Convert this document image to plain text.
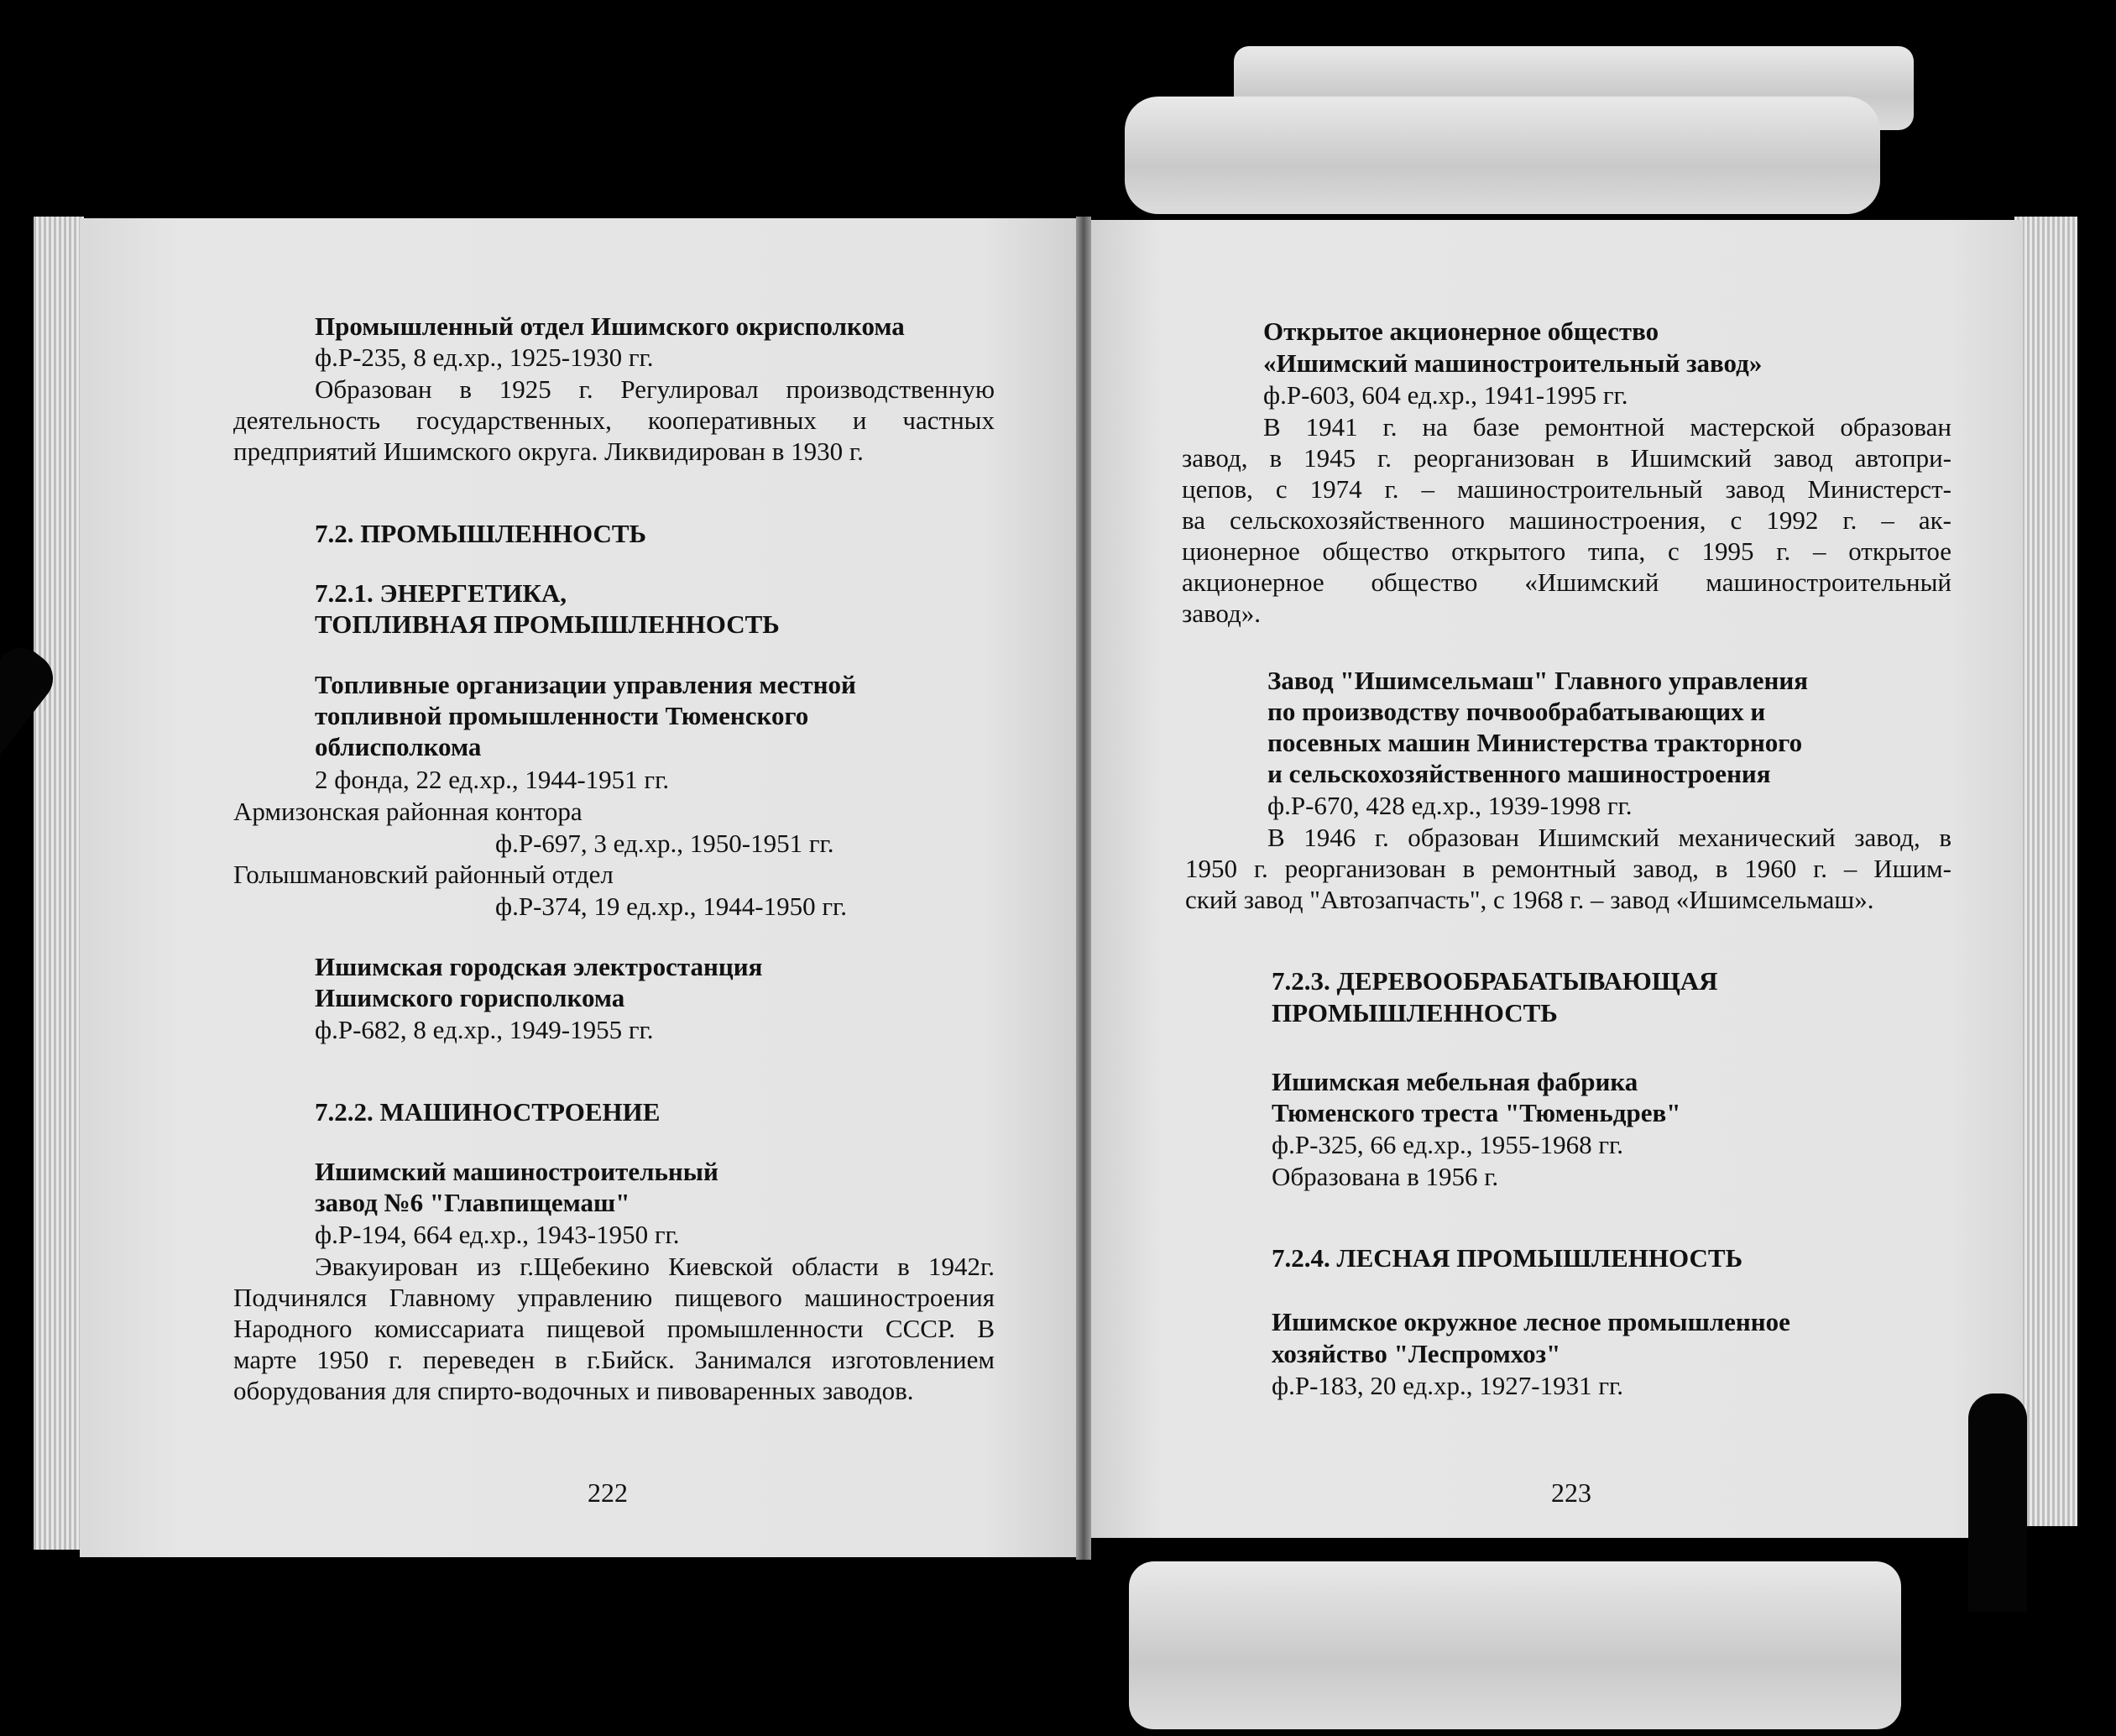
Промышленный отдел Ишимского окрисполкома
ф.Р-235, 8 ед.хр., 1925-1930 гг.
Образован в 1925 г. Регулировал производственную
деятельность государственных, кооперативных и частных
предприятий Ишимского округа. Ликвидирован в 1930 г.
7.2. ПРОМЫШЛЕННОСТЬ
7.2.1. ЭНЕРГЕТИКА,
ТОПЛИВНАЯ ПРОМЫШЛЕННОСТЬ
Топливные организации управления местной
топливной промышленности Тюменского
облисполкома
2 фонда, 22 ед.хр., 1944-1951 гг.
Армизонская районная контора
ф.Р-697, 3 ед.хр., 1950-1951 гг.
Голышмановский районный отдел
ф.Р-374, 19 ед.хр., 1944-1950 гг.
Ишимская городская электростанция
Ишимского горисполкома
ф.Р-682, 8 ед.хр., 1949-1955 гг.
7.2.2. МАШИНОСТРОЕНИЕ
Ишимский машиностроительный
завод №6 "Главпищемаш"
ф.Р-194, 664 ед.хр., 1943-1950 гг.
Эвакуирован из г.Щебекино Киевской области в 1942г.
Подчинялся Главному управлению пищевого машиностроения
Народного комиссариата пищевой промышленности СССР. В
марте 1950 г. переведен в г.Бийск. Занимался изготовлением
оборудования для спирто-водочных и пивоваренных заводов.
222
Открытое акционерное общество
«Ишимский машиностроительный завод»
ф.Р-603, 604 ед.хр., 1941-1995 гг.
В 1941 г. на базе ремонтной мастерской образован
завод, в 1945 г. реорганизован в Ишимский завод автопри-
цепов, с 1974 г. – машиностроительный завод Министерст-
ва сельскохозяйственного машиностроения, с 1992 г. – ак-
ционерное общество открытого типа, с 1995 г. – открытое
акционерное общество «Ишимский машиностроительный
завод».
Завод "Ишимсельмаш" Главного управления
по производству почвообрабатывающих и
посевных машин Министерства тракторного
и сельскохозяйственного машиностроения
ф.Р-670, 428 ед.хр., 1939-1998 гг.
В 1946 г. образован Ишимский механический завод, в
1950 г. реорганизован в ремонтный завод, в 1960 г. – Ишим-
ский завод "Автозапчасть", с 1968 г. – завод «Ишимсельмаш».
7.2.3. ДЕРЕВООБРАБАТЫВАЮЩАЯ
ПРОМЫШЛЕННОСТЬ
Ишимская мебельная фабрика
Тюменского треста "Тюменьдрев"
ф.Р-325, 66 ед.хр., 1955-1968 гг.
Образована в 1956 г.
7.2.4. ЛЕСНАЯ ПРОМЫШЛЕННОСТЬ
Ишимское окружное лесное промышленное
хозяйство "Леспромхоз"
ф.Р-183, 20 ед.хр., 1927-1931 гг.
223
